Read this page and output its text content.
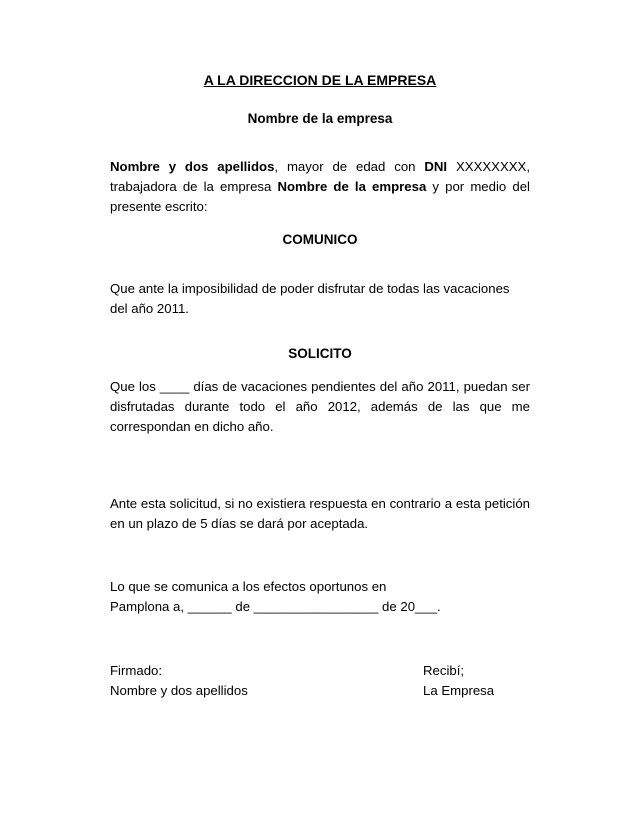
A LA DIRECCION DE LA EMPRESA
Nombre de la empresa
Nombre y dos apellidos, mayor de edad con DNI XXXXXXXX, trabajadora de la empresa Nombre de la empresa y por medio del presente escrito:
COMUNICO
Que ante la imposibilidad de poder disfrutar de todas las vacaciones del año 2011.
SOLICITO
Que los ____ días de vacaciones pendientes del año 2011, puedan ser disfrutadas durante todo el año 2012, además de las que me correspondan en dicho año.
Ante esta solicitud, si no existiera respuesta en contrario a esta petición en un plazo de 5 días se dará por aceptada.
Lo que se comunica a los efectos oportunos en
Pamplona a, ______ de _________________ de 20___.
Firmado:
Nombre y dos apellidos
Recibí;
La Empresa
